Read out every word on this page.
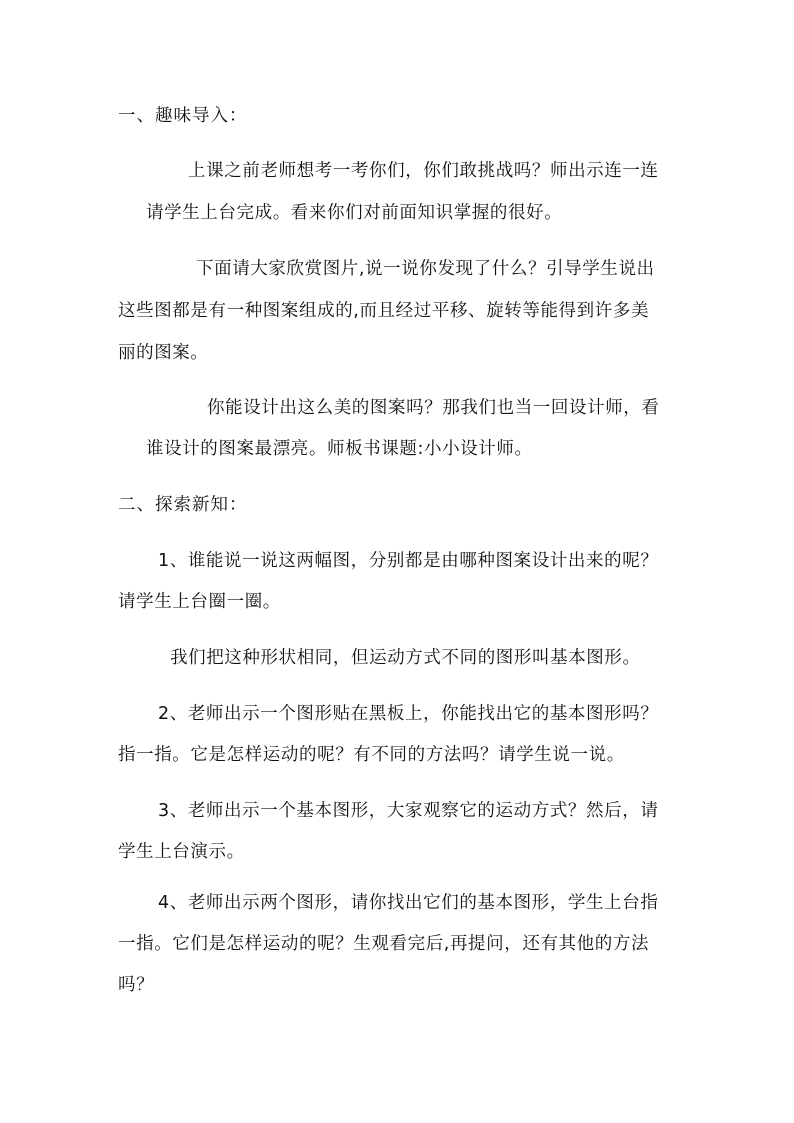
一、趣味导入：
上课之前老师想考一考你们，你们敢挑战吗？师出示连一连
请学生上台完成。看来你们对前面知识掌握的很好。
下面请大家欣赏图片,说一说你发现了什么？引导学生说出
这些图都是有一种图案组成的,而且经过平移、旋转等能得到许多美
丽的图案。
你能设计出这么美的图案吗？那我们也当一回设计师，看
谁设计的图案最漂亮。师板书课题:小小设计师。
二、探索新知：
1、谁能说一说这两幅图，分别都是由哪种图案设计出来的呢？
请学生上台圈一圈。
我们把这种形状相同，但运动方式不同的图形叫基本图形。
2、老师出示一个图形贴在黑板上，你能找出它的基本图形吗？
指一指。它是怎样运动的呢？有不同的方法吗？请学生说一说。
3、老师出示一个基本图形，大家观察它的运动方式？然后，请
学生上台演示。
4、老师出示两个图形，请你找出它们的基本图形，学生上台指
一指。它们是怎样运动的呢？生观看完后,再提问，还有其他的方法
吗？
